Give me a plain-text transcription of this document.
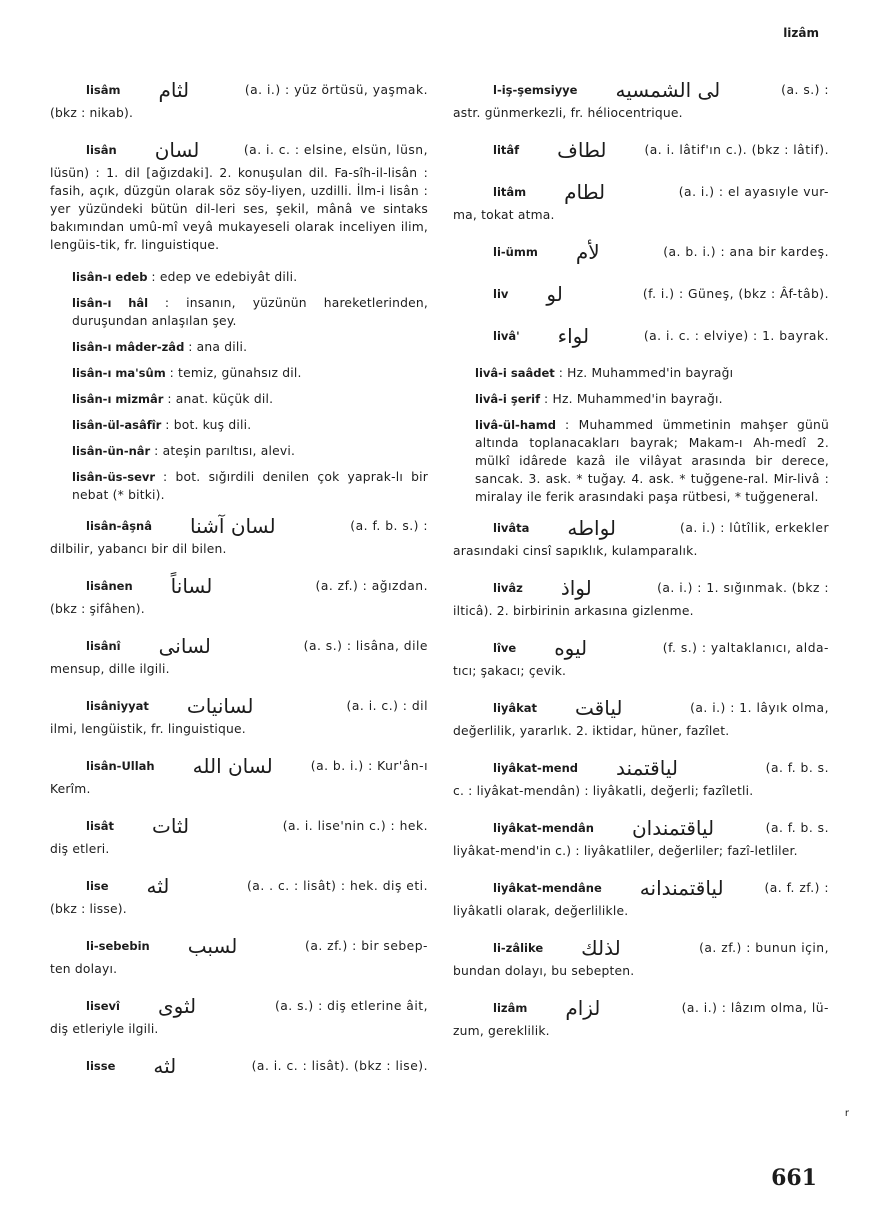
lizâm
lisâm	لثام	(a. i.) : yüz örtüsü, yaşmak.
(bkz : nikab).
lisân	لسان	(a. i. c. : elsine, elsün, lüsn,
lüsün) : 1. dil [ağızdaki]. 2. konuşulan dil. Fa-sîh-il-lisân : fasih, açık, düzgün olarak söz söy-liyen, uzdilli. İlm-i lisân : yer yüzündeki bütün dil-leri ses, şekil, mânâ ve sintaks bakımından umû-mî veyâ mukayeseli olarak inceliyen ilim, lengüis-tik, fr. linguistique.
lisân-ı edeb : edep ve edebiyât dili.
lisân-ı hâl : insanın, yüzünün hareketlerinden, duruşundan anlaşılan şey.
lisân-ı mâder-zâd : ana dili.
lisân-ı ma'sûm : temiz, günahsız dil.
lisân-ı mizmâr : anat. küçük dil.
lisân-ül-asâfîr : bot. kuş dili.
lisân-ün-nâr : ateşin parıltısı, alevi.
lisân-üs-sevr : bot. sığırdili denilen çok yaprak-lı bir nebat (* bitki).
lisân-âşnâ	لسان آشنا	(a. f. b. s.) :
dilbilir, yabancı bir dil bilen.
lisânen	لساناً	(a. zf.) : ağızdan.
(bkz : şifâhen).
lisânî	لسانى	(a. s.) : lisâna, dile
mensup, dille ilgili.
lisâniyyat	لسانيات	(a. i. c.) : dil
ilmi, lengüistik, fr. linguistique.
lisân-Ullah	لسان الله	(a. b. i.) : Kur'ân-ı
Kerîm.
lisât	لثات	(a. i. lise'nin c.) : hek.
diş etleri.
lise	لثه	(a. . c. : lisât) : hek. diş eti.
(bkz : lisse).
li-sebebin	لسبب	(a. zf.) : bir sebep-
ten dolayı.
lisevî	لثوى	(a. s.) : diş etlerine âit,
diş etleriyle ilgili.
lisse	لثه	(a. i. c. : lisât). (bkz : lise).
l-iş-şemsiyye	لى الشمسيه	(a. s.) :
astr. günmerkezli, fr. héliocentrique.
litâf	لطاف	(a. i. lâtif'ın c.). (bkz : lâtif).
litâm	لطام	(a. i.) : el ayasıyle vur-
ma, tokat atma.
li-ümm	لأم	(a. b. i.) : ana bir kardeş.
liv	لو	(f. i.) : Güneş, (bkz : Âf-tâb).
livâ'	لواء	(a. i. c. : elviye) : 1. bayrak.
livâ-i saâdet : Hz. Muhammed'in bayrağı
livâ-i şerif : Hz. Muhammed'in bayrağı.
livâ-ül-hamd : Muhammed ümmetinin mahşer günü altında toplanacakları bayrak; Makam-ı Ah-medî 2. mülkî idârede kazâ ile vilâyat arasında bir derece, sancak. 3. ask. * tuğay. 4. ask. * tuğgene-ral. Mir-livâ : miralay ile ferik arasındaki paşa rütbesi, * tuğgeneral.
livâta	لواطه	(a. i.) : lûtîlik, erkekler
arasındaki cinsî sapıklık, kulamparalık.
livâz	لواذ	(a. i.) : 1. sığınmak. (bkz :
ilticâ). 2. birbirinin arkasına gizlenme.
lîve	ليوه	(f. s.) : yaltaklanıcı, alda-
tıcı; şakacı; çevik.
liyâkat	لياقت	(a. i.) : 1. lâyık olma,
değerlilik, yararlık. 2. iktidar, hüner, fazîlet.
liyâkat-mend	لياقتمند	(a. f. b. s.
c. : liyâkat-mendân) : liyâkatli, değerli; fazîletli.
liyâkat-mendân	لياقتمندان	(a. f. b. s.
liyâkat-mend'in c.) : liyâkatliler, değerliler; fazî-letliler.
liyâkat-mendâne	لياقتمندانه	(a. f. zf.) :
liyâkatli olarak, değerlilikle.
li-zâlike	لذلك	(a. zf.) : bunun için,
bundan dolayı, bu sebepten.
lizâm	لزام	(a. i.) : lâzım olma, lü-
zum, gereklilik.
661
r
